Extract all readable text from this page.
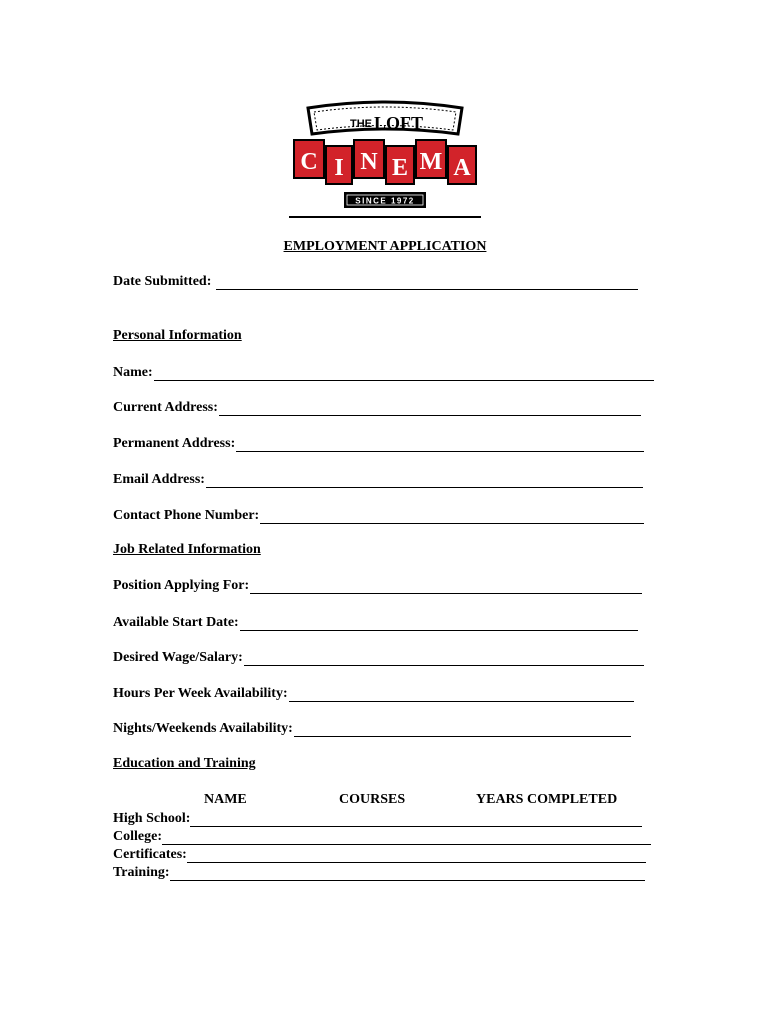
THE LOFT
C I N E M A
SINCE 1972
EMPLOYMENT APPLICATION
Date Submitted:
Personal Information
Name:
Current Address:
Permanent Address:
Email Address:
Contact Phone Number:
Job Related Information
Position Applying For:
Available Start Date:
Desired Wage/Salary:
Hours Per Week Availability:
Nights/Weekends Availability:
Education and Training
NAME	COURSES	YEARS COMPLETED
High School:
College:
Certificates:
Training:
